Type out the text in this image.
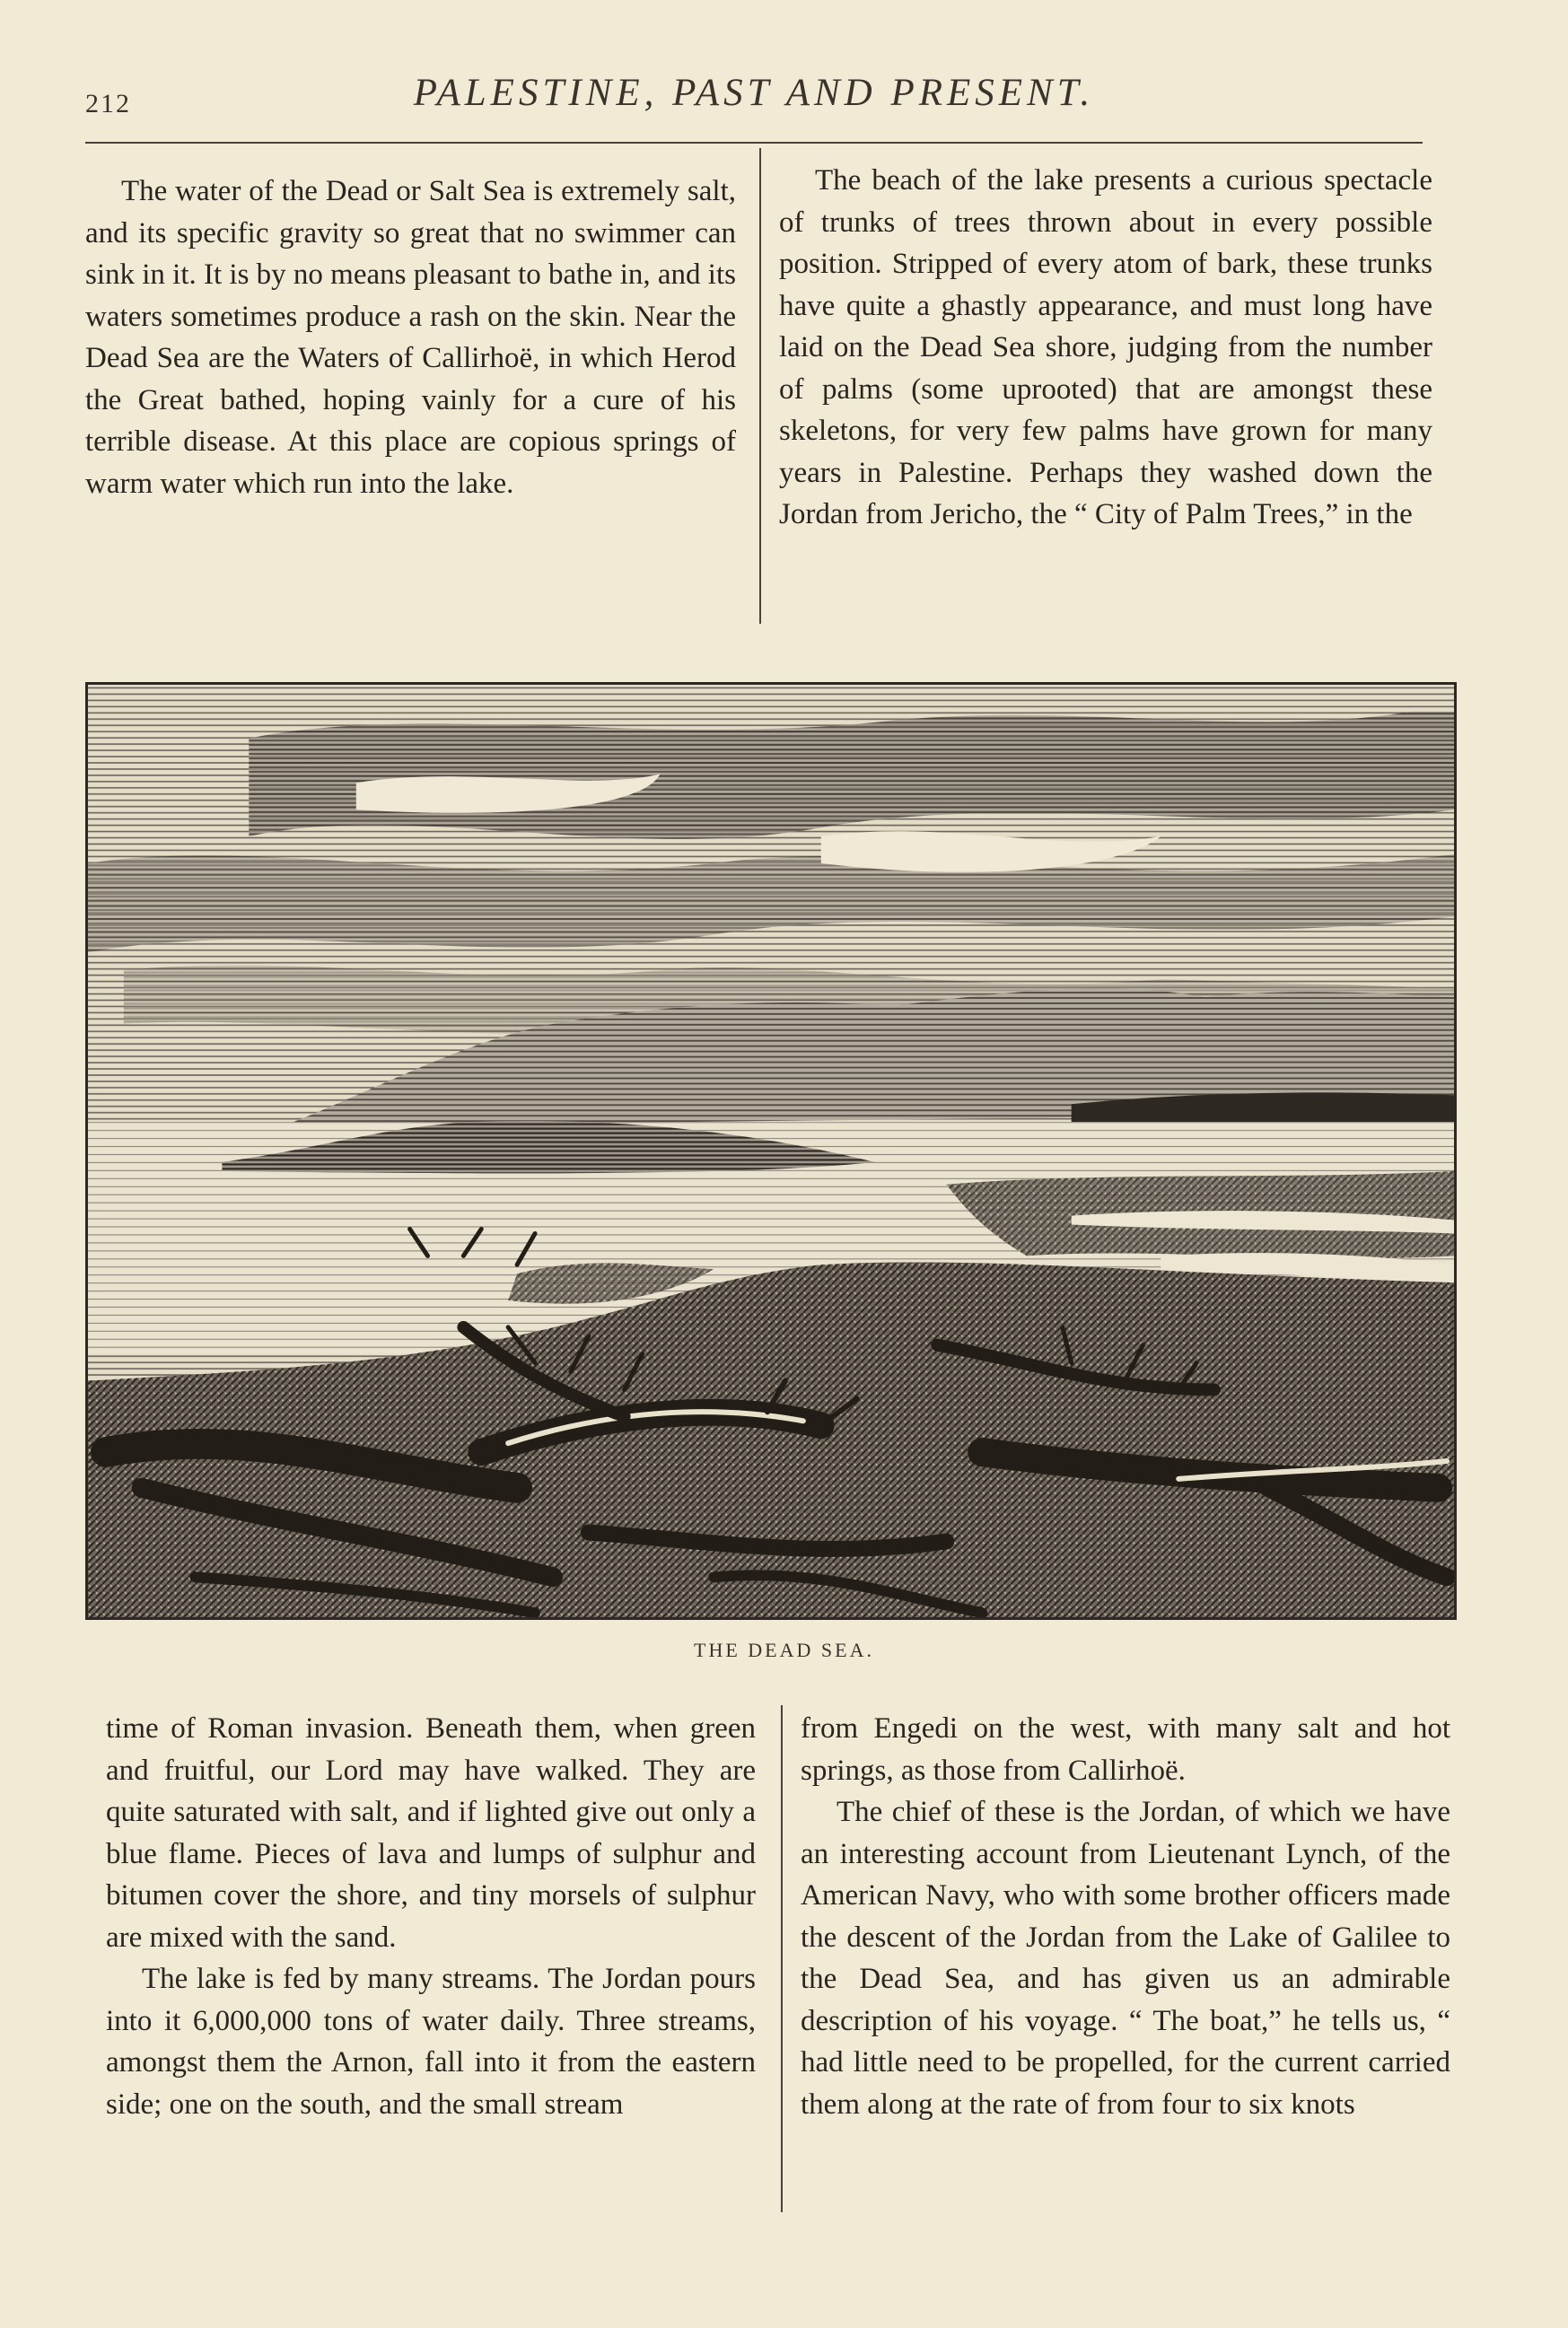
212	PALESTINE, PAST AND PRESENT.

The water of the Dead or Salt Sea is extremely salt, and its specific gravity so great that no swimmer can sink in it. It is by no means pleasant to bathe in, and its waters sometimes produce a rash on the skin. Near the Dead Sea are the Waters of Callirhoë, in which Herod the Great bathed, hoping vainly for a cure of his terrible disease. At this place are copious springs of warm water which run into the lake.

The beach of the lake presents a curious spectacle of trunks of trees thrown about in every possible position. Stripped of every atom of bark, these trunks have quite a ghastly appearance, and must long have laid on the Dead Sea shore, judging from the number of palms (some uprooted) that are amongst these skeletons, for very few palms have grown for many years in Palestine. Perhaps they washed down the Jordan from Jericho, the “ City of Palm Trees,” in the

THE DEAD SEA.

time of Roman invasion. Beneath them, when green and fruitful, our Lord may have walked. They are quite saturated with salt, and if lighted give out only a blue flame. Pieces of lava and lumps of sulphur and bitumen cover the shore, and tiny morsels of sulphur are mixed with the sand.

The lake is fed by many streams. The Jordan pours into it 6,000,000 tons of water daily. Three streams, amongst them the Arnon, fall into it from the eastern side; one on the south, and the small stream

from Engedi on the west, with many salt and hot springs, as those from Callirhoë.

The chief of these is the Jordan, of which we have an interesting account from Lieutenant Lynch, of the American Navy, who with some brother officers made the descent of the Jordan from the Lake of Galilee to the Dead Sea, and has given us an admirable description of his voyage. “ The boat,” he tells us, “ had little need to be propelled, for the current carried them along at the rate of from four to six knots
